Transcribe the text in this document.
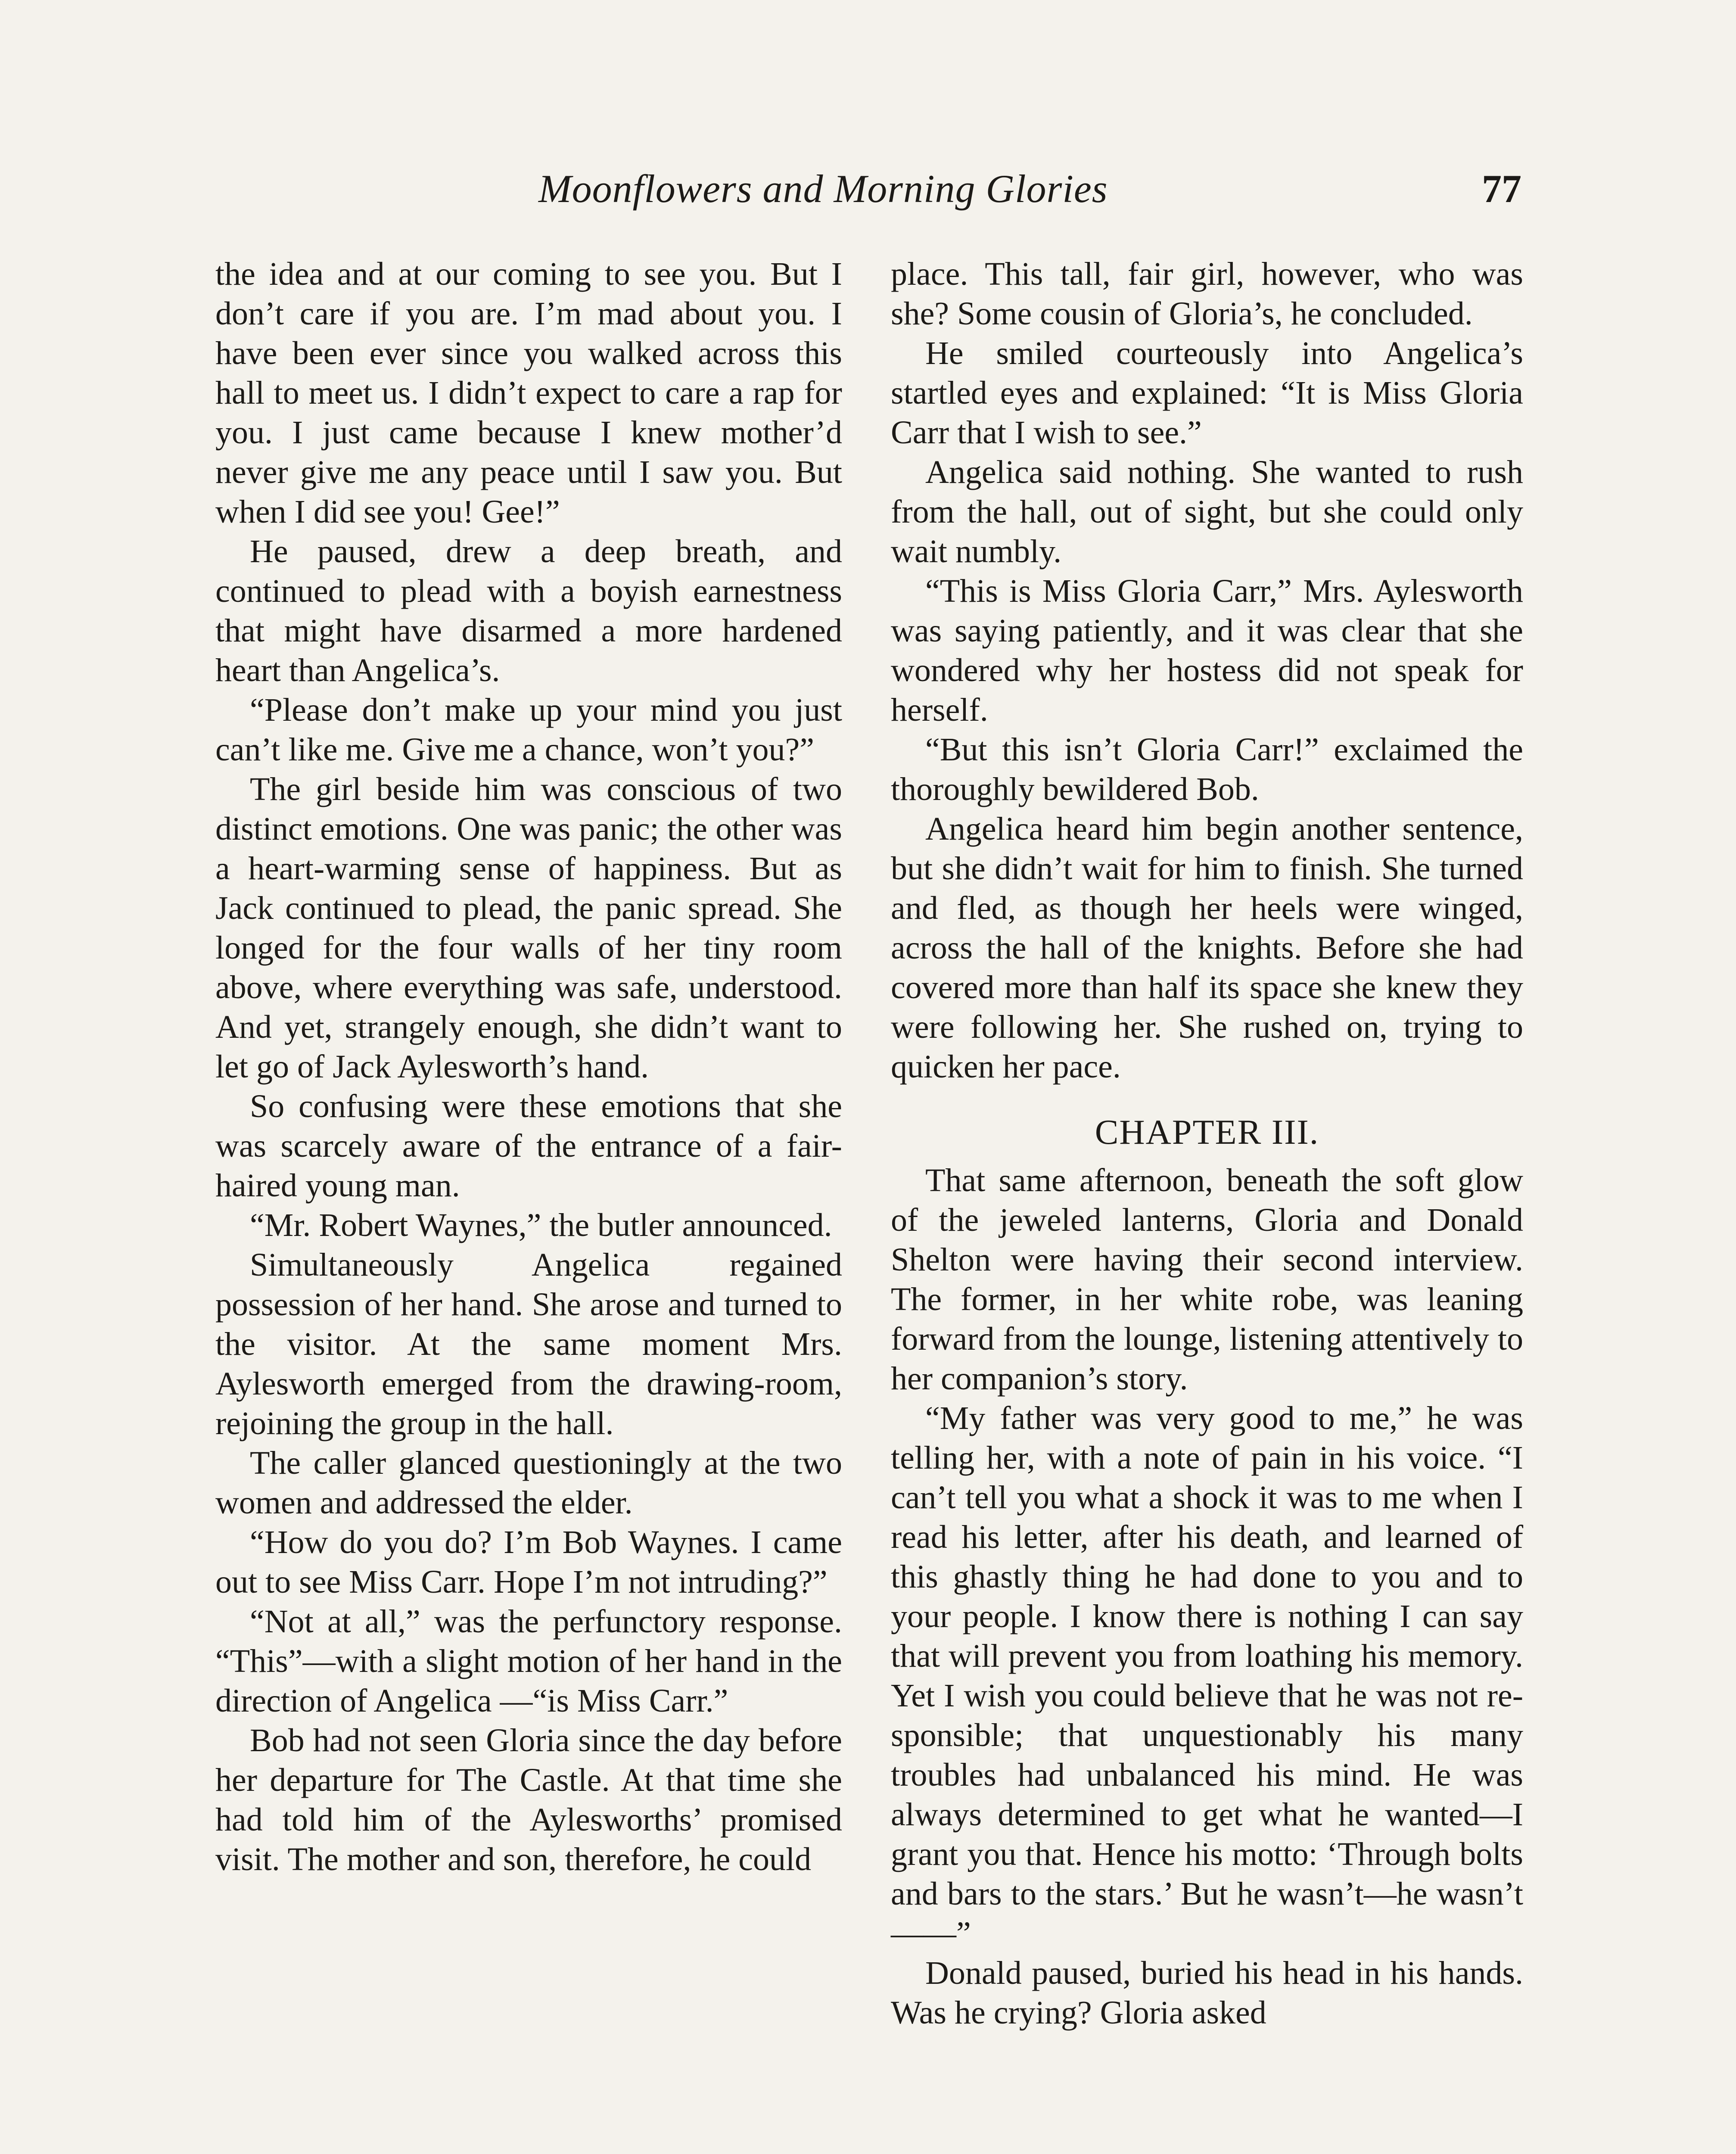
Moonflowers and Morning Glories	77

the idea and at our coming to see you. But I don’t care if you are. I’m mad about you. I have been ever since you walked across this hall to meet us. I didn’t expect to care a rap for you. I just came because I knew mother’d never give me any peace until I saw you. But when I did see you! Gee!”

He paused, drew a deep breath, and continued to plead with a boyish earnestness that might have disarmed a more hardened heart than Angelica’s.

“Please don’t make up your mind you just can’t like me. Give me a chance, won’t you?”

The girl beside him was conscious of two distinct emotions. One was panic; the other was a heart-warming sense of happiness. But as Jack continued to plead, the panic spread. She longed for the four walls of her tiny room above, where everything was safe, understood. And yet, strangely enough, she didn’t want to let go of Jack Aylesworth’s hand.

So confusing were these emotions that she was scarcely aware of the entrance of a fair-haired young man.

“Mr. Robert Waynes,” the butler announced.

Simultaneously Angelica regained possession of her hand. She arose and turned to the visitor. At the same moment Mrs. Aylesworth emerged from the drawing-room, rejoining the group in the hall.

The caller glanced questioningly at the two women and addressed the elder.

“How do you do? I’m Bob Waynes. I came out to see Miss Carr. Hope I’m not intruding?”

“Not at all,” was the perfunctory response. “This”—with a slight motion of her hand in the direction of Angelica —“is Miss Carr.”

Bob had not seen Gloria since the day before her departure for The Castle. At that time she had told him of the Aylesworths’ promised visit. The mother and son, therefore, he could

place. This tall, fair girl, however, who was she? Some cousin of Gloria’s, he concluded.

He smiled courteously into Angelica’s startled eyes and explained: “It is Miss Gloria Carr that I wish to see.”

Angelica said nothing. She wanted to rush from the hall, out of sight, but she could only wait numbly.

“This is Miss Gloria Carr,” Mrs. Aylesworth was saying patiently, and it was clear that she wondered why her hostess did not speak for herself.

“But this isn’t Gloria Carr!” exclaimed the thoroughly bewildered Bob.

Angelica heard him begin another sentence, but she didn’t wait for him to finish. She turned and fled, as though her heels were winged, across the hall of the knights. Before she had covered more than half its space she knew they were following her. She rushed on, trying to quicken her pace.

CHAPTER III.

That same afternoon, beneath the soft glow of the jeweled lanterns, Gloria and Donald Shelton were having their second interview. The former, in her white robe, was leaning forward from the lounge, listening attentively to her companion’s story.

“My father was very good to me,” he was telling her, with a note of pain in his voice. “I can’t tell you what a shock it was to me when I read his letter, after his death, and learned of this ghastly thing he had done to you and to your people. I know there is nothing I can say that will prevent you from loathing his memory. Yet I wish you could believe that he was not responsible; that unquestionably his many troubles had unbalanced his mind. He was always determined to get what he wanted—I grant you that. Hence his motto: ‘Through bolts and bars to the stars.’ But he wasn’t—he wasn’t——”

Donald paused, buried his head in his hands. Was he crying? Gloria asked
